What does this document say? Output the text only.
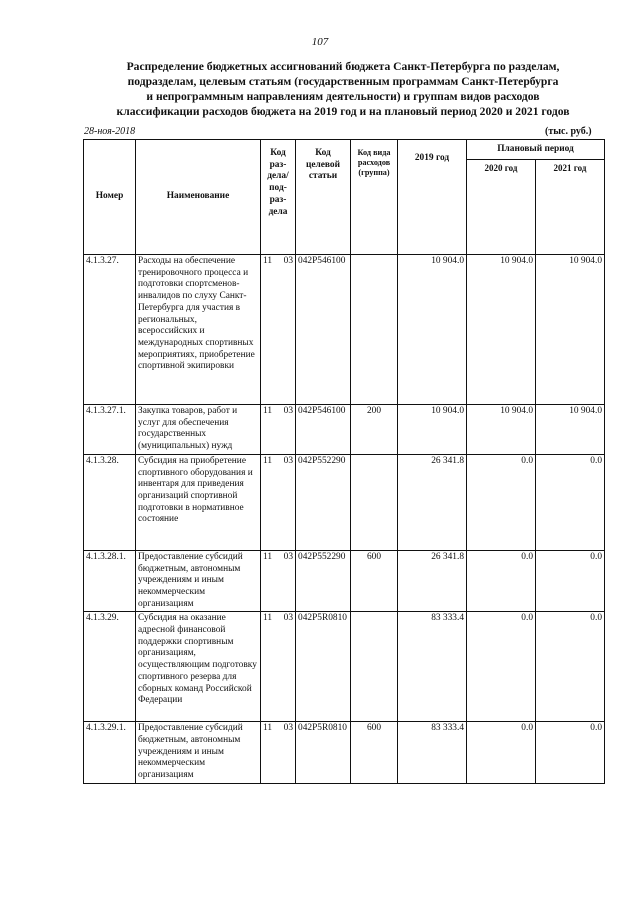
107
Распределение бюджетных ассигнований бюджета Санкт-Петербурга по разделам,
подразделам, целевым статьям (государственным программам Санкт-Петербурга
и непрограммным направлениям деятельности) и группам видов расходов
классификации расходов бюджета на 2019 год и на плановый период 2020 и 2021 годов
28-ноя-2018	(тыс. руб.)
Номер	Наименование	Код раз-дела/ под-раз-дела	Код целевой статьи	Код вида расходов (группа)	2019 год	Плановый период	
						2020 год	2021 год
4.1.3.27.	Расходы на обеспечение тренировочного процесса и подготовки спортсменов-инвалидов по слуху Санкт-Петербурга для участия в региональных, всероссийских и международных спортивных мероприятиях, приобретение спортивной экипировки	11 03	042P546100		10 904.0	10 904.0	10 904.0
4.1.3.27.1.	Закупка товаров, работ и услуг для обеспечения государственных (муниципальных) нужд	11 03	042P546100	200	10 904.0	10 904.0	10 904.0
4.1.3.28.	Субсидия на приобретение спортивного оборудования и инвентаря для приведения организаций спортивной подготовки в нормативное состояние	11 03	042P552290		26 341.8	0.0	0.0
4.1.3.28.1.	Предоставление субсидий бюджетным, автономным учреждениям и иным некоммерческим организациям	11 03	042P552290	600	26 341.8	0.0	0.0
4.1.3.29.	Субсидия на оказание адресной финансовой поддержки спортивным организациям, осуществляющим подготовку спортивного резерва для сборных команд Российской Федерации	11 03	042P5R0810		83 333.4	0.0	0.0
4.1.3.29.1.	Предоставление субсидий бюджетным, автономным учреждениям и иным некоммерческим организациям	11 03	042P5R0810	600	83 333.4	0.0	0.0
